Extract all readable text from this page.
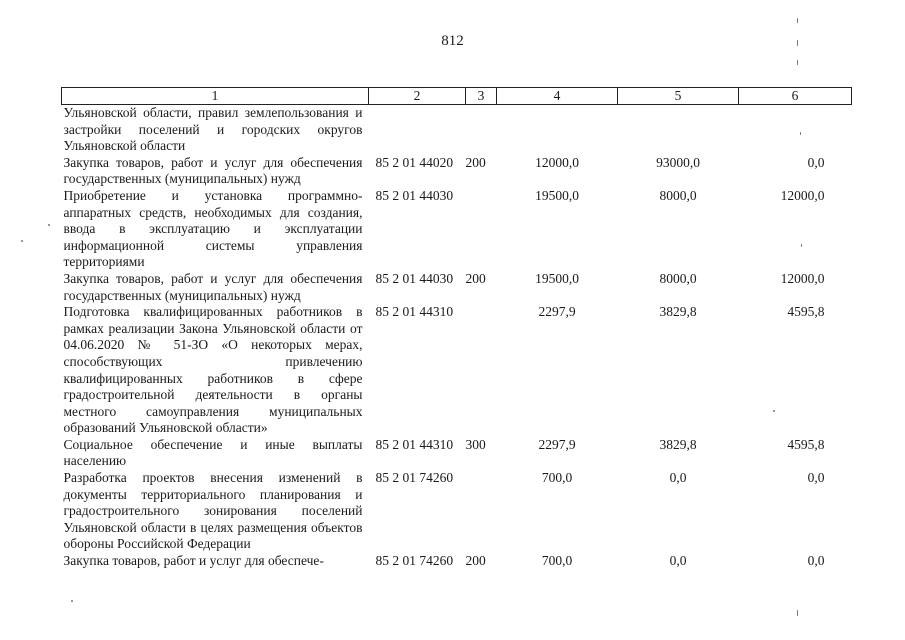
812
1	2	3	4	5	6
Ульяновской области, правил землепользования и застройки поселений и городских округов Ульяновской области					
Закупка товаров, работ и услуг для обеспечения государственных (муниципальных) нужд	85 2 01 44020	200	12000,0	93000,0	0,0
Приобретение и установка программно-аппаратных средств, необходимых для создания, ввода в эксплуатацию и эксплуатации информационной системы управления территориями	85 2 01 44030		19500,0	8000,0	12000,0
Закупка товаров, работ и услуг для обеспечения государственных (муниципальных) нужд	85 2 01 44030	200	19500,0	8000,0	12000,0
Подготовка квалифицированных работников в рамках реализации Закона Ульяновской области от 04.06.2020 № 51-ЗО «О некоторых мерах, способствующих привлечению квалифицированных работников в сфере градостроительной деятельности в органы местного самоуправления муниципальных образований Ульяновской области»	85 2 01 44310		2297,9	3829,8	4595,8
Социальное обеспечение и иные выплаты населению	85 2 01 44310	300	2297,9	3829,8	4595,8
Разработка проектов внесения изменений в документы территориального планирования и градостроительного зонирования поселений Ульяновской области в целях размещения объектов обороны Российской Федерации	85 2 01 74260		700,0	0,0	0,0
Закупка товаров, работ и услуг для обеспече-	85 2 01 74260	200	700,0	0,0	0,0
